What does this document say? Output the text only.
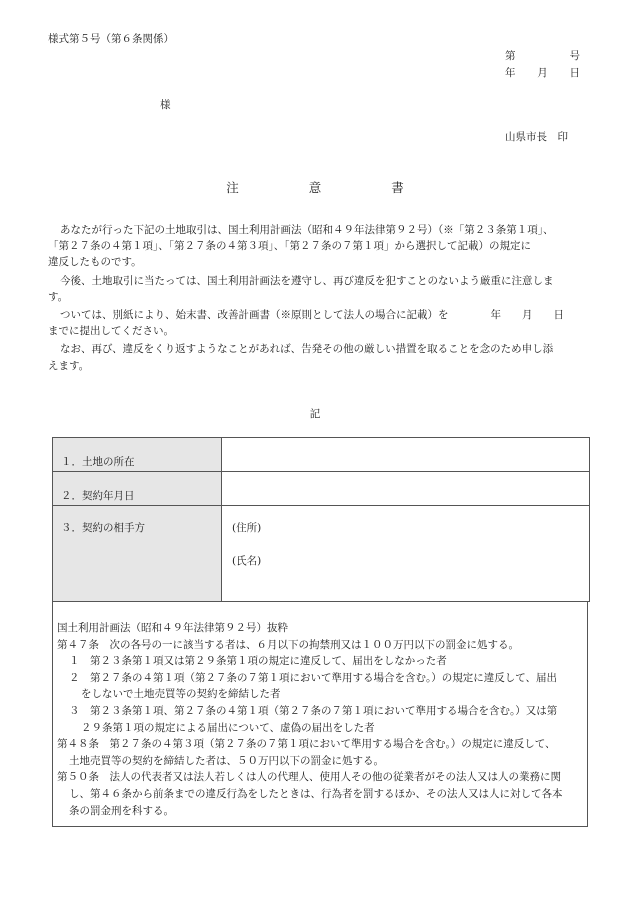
様式第５号（第６条関係）
第	号
年 月 日
様
山県市長　印
注　意　書

あなたが行った下記の土地取引は、国土利用計画法（昭和４９年法律第９２号）（※「第２３条第１項」、
「第２７条の４第１項」、「第２７条の４第３項」、「第２７条の７第１項」から選択して記載）の規定に
違反したものです。

今後、土地取引に当たっては、国土利用計画法を遵守し、再び違反を犯すことのないよう厳重に注意しま
す。

ついては、別紙により、始末書、改善計画書（※原則として法人の場合に記載）を　　　　年　　月　　日
までに提出してください。

なお、再び、違反をくり返すようなことがあれば、告発その他の厳しい措置を取ることを念のため申し添
えます。

記
１．土地の所在	
２．契約年月日	
３．契約の相手方	(住所)
(氏名)

国土利用計画法（昭和４９年法律第９２号）抜粋

第４７条　次の各号の一に該当する者は、６月以下の拘禁刑又は１００万円以下の罰金に処する。

１　第２３条第１項又は第２９条第１項の規定に違反して、届出をしなかった者

２　第２７条の４第１項（第２７条の７第１項において準用する場合を含む。）の規定に違反して、届出

をしないで土地売買等の契約を締結した者

３　第２３条第１項、第２７条の４第１項（第２７条の７第１項において準用する場合を含む。）又は第

２９条第１項の規定による届出について、虚偽の届出をした者

第４８条　第２７条の４第３項（第２７条の７第１項において準用する場合を含む。）の規定に違反して、

土地売買等の契約を締結した者は、５０万円以下の罰金に処する。

第５０条　法人の代表者又は法人若しくは人の代理人、使用人その他の従業者がその法人又は人の業務に関

し、第４６条から前条までの違反行為をしたときは、行為者を罰するほか、その法人又は人に対して各本

条の罰金刑を科する。
